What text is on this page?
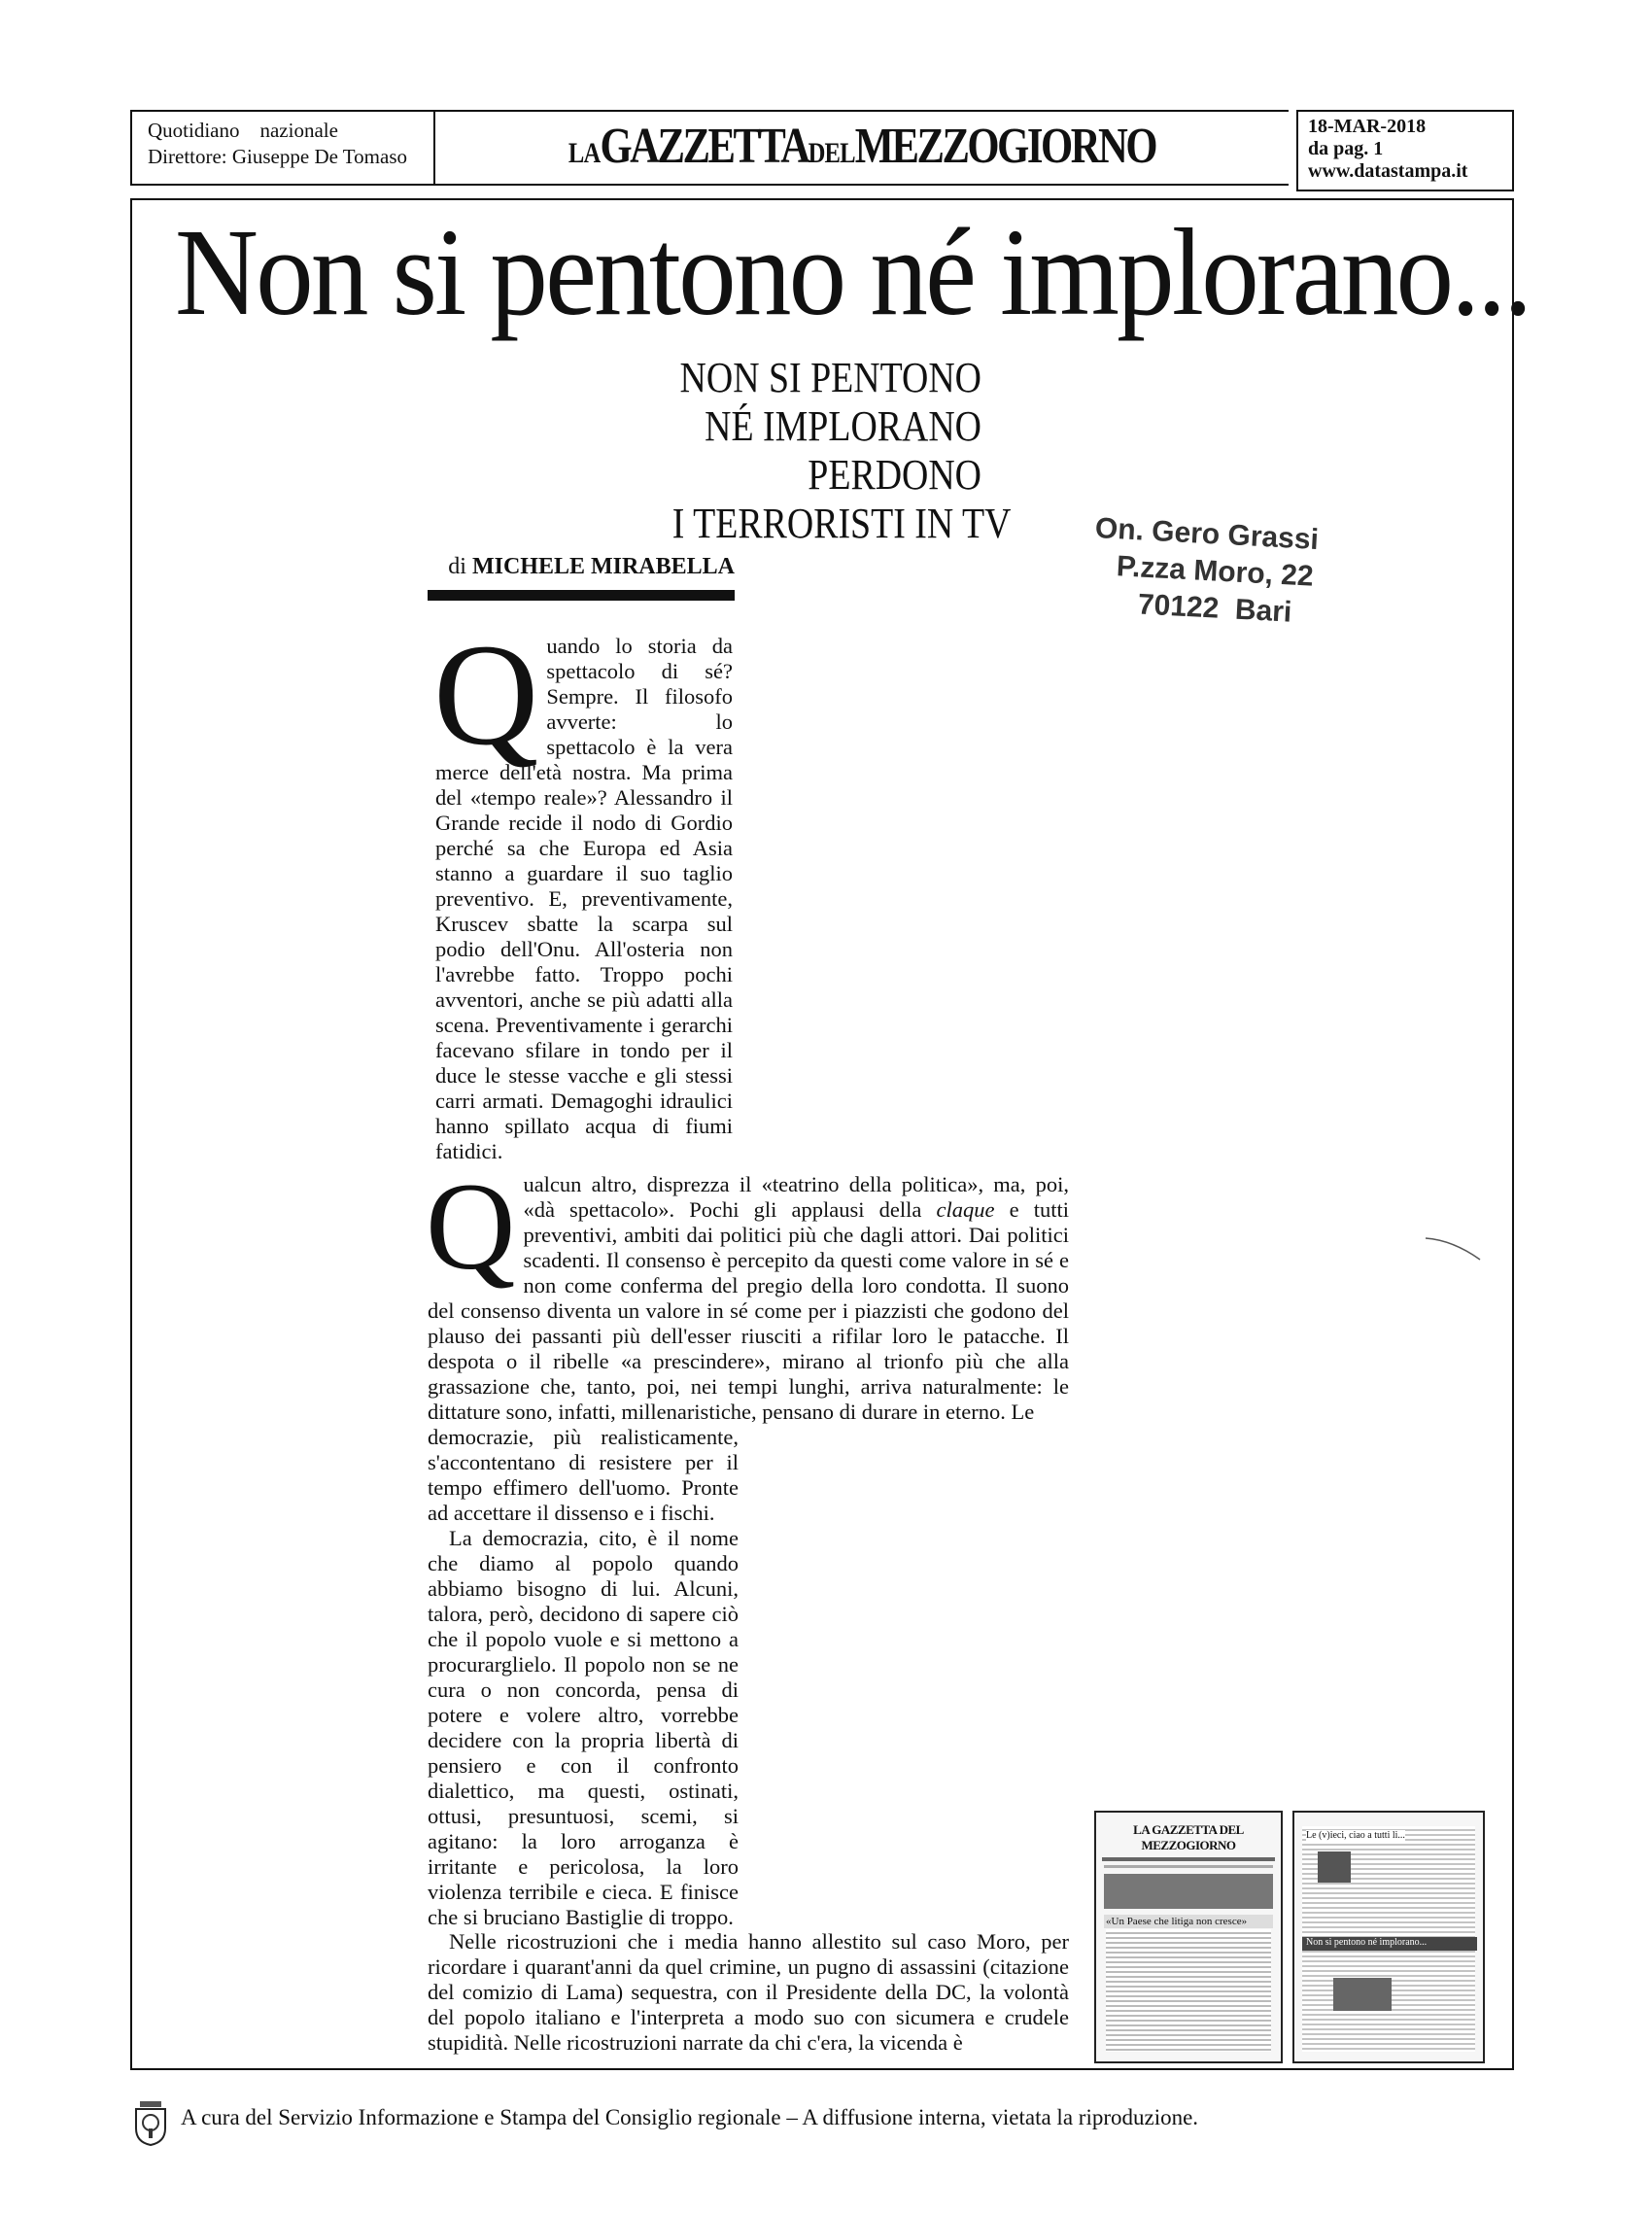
Quotidiano    nazionale
Direttore: Giuseppe De Tomaso	LAGAZZETTADELMEZZOGIORNO	18-MAR-2018
da pag. 1
www.datastampa.it
Non si pentono né implorano...
NON SI PENTONO
NÉ IMPLORANO
PERDONO
I TERRORISTI IN TV
di MICHELE MIRABELLA
On. Gero Grassi
P.zza Moro, 22
70122  Bari
Q uando lo storia da spettacolo di sé? Sempre. Il filosofo avverte: lo spettacolo è la vera merce dell'età nostra. Ma prima del «tempo reale»? Alessandro il Grande recide il nodo di Gordio perché sa che Europa ed Asia stanno a guardare il suo taglio preventivo. E, preventivamente, Kruscev sbatte la scarpa sul podio dell'Onu. All'osteria non l'avrebbe fatto. Troppo pochi avventori, anche se più adatti alla scena. Preventivamente i gerarchi facevano sfilare in tondo per il duce le stesse vacche e gli stessi carri armati. Demagoghi idraulici hanno spillato acqua di fiumi fatidici.
Q ualcun altro, disprezza il «teatrino della politica», ma, poi, «dà spettacolo». Pochi gli applausi della claque e tutti preventivi, ambiti dai politici più che dagli attori. Dai politici scadenti. Il consenso è percepito da questi come valore in sé e non come conferma del pregio della loro condotta. Il suono del consenso diventa un valore in sé come per i piazzisti che godono del plauso dei passanti più dell'esser riusciti a rifilar loro le patacche. Il despota o il ribelle «a prescindere», mirano al trionfo più che alla grassazione che, tanto, poi, nei tempi lunghi, arriva naturalmente: le dittature sono, infatti, millenaristiche, pensano di durare in eterno. Le

democrazie, più realisticamente, s'accontentano di resistere per il tempo effimero dell'uomo. Pronte ad accettare il dissenso e i fischi.

La democrazia, cito, è il nome che diamo al popolo quando abbiamo bisogno di lui. Alcuni, talora, però, decidono di sapere ciò che il popolo vuole e si mettono a procurarglielo. Il popolo non se ne cura o non concorda, pensa di potere e volere altro, vorrebbe decidere con la propria libertà di pensiero e con il confronto dialettico, ma questi, ostinati, ottusi, presuntuosi, scemi, si agitano: la loro arroganza è irritante e pericolosa, la loro violenza terribile e cieca. E finisce che si bruciano Bastiglie di troppo.

Nelle ricostruzioni che i media hanno allestito sul caso Moro, per ricordare i quarant'anni da quel crimine, un pugno di assassini (citazione del comizio di Lama) sequestra, con il Presidente della DC, la volontà del popolo italiano e l'interpreta a modo suo con sicumera e crudele stupidità. Nelle ricostruzioni narrate da chi c'era, la vicenda è
LA GAZZETTA DEL MEZZOGIORNO
«Un Paese che litiga non cresce»
Le (v)ieci, ciao a tutti li...
Non si pentono né implorano...
A cura del Servizio Informazione e Stampa del Consiglio regionale – A diffusione interna, vietata la riproduzione.
